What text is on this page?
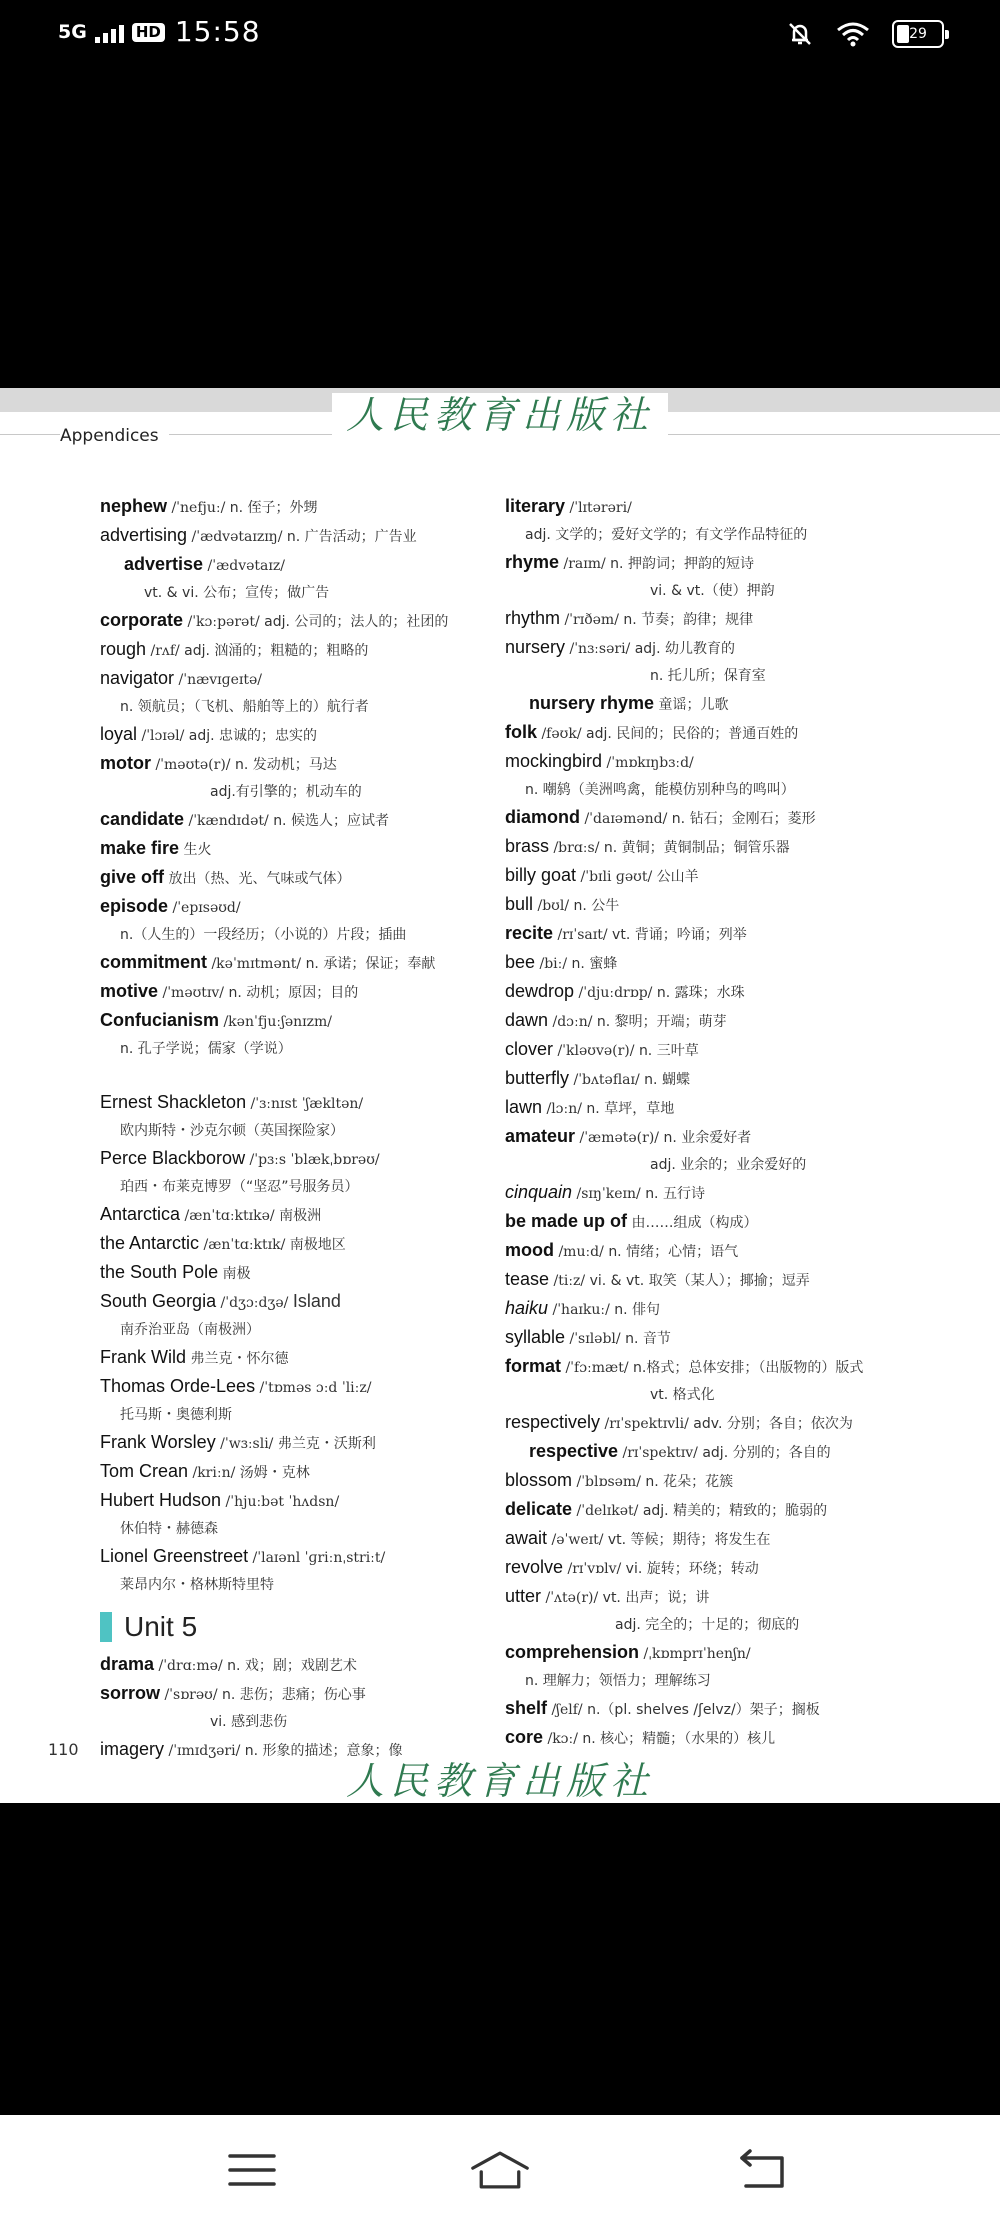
5G	HD 15:58	29
人民教育出版社
Appendices
nephew /ˈnefjuː/ n. 侄子；外甥
advertising /ˈædvətaɪzɪŋ/ n. 广告活动；广告业
advertise /ˈædvətaɪz/
vt. & vi. 公布；宣传；做广告
corporate /ˈkɔːpərət/ adj. 公司的；法人的；社团的
rough /rʌf/ adj. 汹涌的；粗糙的；粗略的
navigator /ˈnævɪɡeɪtə/
n. 领航员；（飞机、船舶等上的）航行者
loyal /ˈlɔɪəl/ adj. 忠诚的；忠实的
motor /ˈməʊtə(r)/ n. 发动机；马达
adj.有引擎的；机动车的
candidate /ˈkændɪdət/ n. 候选人；应试者
make fire 生火
give off 放出（热、光、气味或气体）
episode /ˈepɪsəʊd/
n.（人生的）一段经历；（小说的）片段；插曲
commitment /kəˈmɪtmənt/ n. 承诺；保证；奉献
motive /ˈməʊtɪv/ n. 动机；原因；目的
Confucianism /kənˈfjuːʃənɪzm/
n. 孔子学说；儒家（学说）
Ernest Shackleton /ˈɜːnɪst ˈʃækltən/
欧内斯特・沙克尔顿（英国探险家）
Perce Blackborow /ˈpɜːs ˈblækˌbɒrəʊ/
珀西・布莱克博罗（“坚忍”号服务员）
Antarctica /ænˈtɑːktɪkə/ 南极洲
the Antarctic /ænˈtɑːktɪk/ 南极地区
the South Pole 南极
South Georgia /ˈdʒɔːdʒə/ Island
南乔治亚岛（南极洲）
Frank Wild 弗兰克・怀尔德
Thomas Orde-Lees /ˈtɒməs ɔːd ˈliːz/
托马斯・奥德利斯
Frank Worsley /ˈwɜːsli/ 弗兰克・沃斯利
Tom Crean /kriːn/ 汤姆・克林
Hubert Hudson /ˈhjuːbət ˈhʌdsn/
休伯特・赫德森
Lionel Greenstreet /ˈlaɪənl ˈɡriːnˌstriːt/
莱昂内尔・格林斯特里特
Unit 5
drama /ˈdrɑːmə/ n. 戏；剧；戏剧艺术
sorrow /ˈsɒrəʊ/ n. 悲伤；悲痛；伤心事
vi. 感到悲伤
imagery /ˈɪmɪdʒəri/ n. 形象的描述；意象；像
literary /ˈlɪtərəri/
adj. 文学的；爱好文学的；有文学作品特征的
rhyme /raɪm/ n. 押韵词；押韵的短诗
vi. & vt.（使）押韵
rhythm /ˈrɪðəm/ n. 节奏；韵律；规律
nursery /ˈnɜːsəri/ adj. 幼儿教育的
n. 托儿所；保育室
nursery rhyme 童谣；儿歌
folk /fəʊk/ adj. 民间的；民俗的；普通百姓的
mockingbird /ˈmɒkɪŋbɜːd/
n. 嘲鸫（美洲鸣禽，能模仿别种鸟的鸣叫）
diamond /ˈdaɪəmənd/ n. 钻石；金刚石；菱形
brass /brɑːs/ n. 黄铜；黄铜制品；铜管乐器
billy goat /ˈbɪli ɡəʊt/ 公山羊
bull /bʊl/ n. 公牛
recite /rɪˈsaɪt/ vt. 背诵；吟诵；列举
bee /biː/ n. 蜜蜂
dewdrop /ˈdjuːdrɒp/ n. 露珠；水珠
dawn /dɔːn/ n. 黎明；开端；萌芽
clover /ˈkləʊvə(r)/ n. 三叶草
butterfly /ˈbʌtəflaɪ/ n. 蝴蝶
lawn /lɔːn/ n. 草坪，草地
amateur /ˈæmətə(r)/ n. 业余爱好者
adj. 业余的；业余爱好的
cinquain /sɪŋˈkeɪn/ n. 五行诗
be made up of 由……组成（构成）
mood /muːd/ n. 情绪；心情；语气
tease /tiːz/ vi. & vt. 取笑（某人）；揶揄；逗弄
haiku /ˈhaɪkuː/ n. 俳句
syllable /ˈsɪləbl/ n. 音节
format /ˈfɔːmæt/ n.格式；总体安排；（出版物的）版式
vt. 格式化
respectively /rɪˈspektɪvli/ adv. 分别；各自；依次为
respective /rɪˈspektɪv/ adj. 分别的；各自的
blossom /ˈblɒsəm/ n. 花朵；花簇
delicate /ˈdelɪkət/ adj. 精美的；精致的；脆弱的
await /əˈweɪt/ vt. 等候；期待；将发生在
revolve /rɪˈvɒlv/ vi. 旋转；环绕；转动
utter /ˈʌtə(r)/ vt. 出声；说；讲
adj. 完全的；十足的；彻底的
comprehension /ˌkɒmprɪˈhenʃn/
n. 理解力；领悟力；理解练习
shelf /ʃelf/ n.（pl. shelves /ʃelvz/）架子；搁板
core /kɔː/ n. 核心；精髓；（水果的）核儿
110
人民教育出版社
